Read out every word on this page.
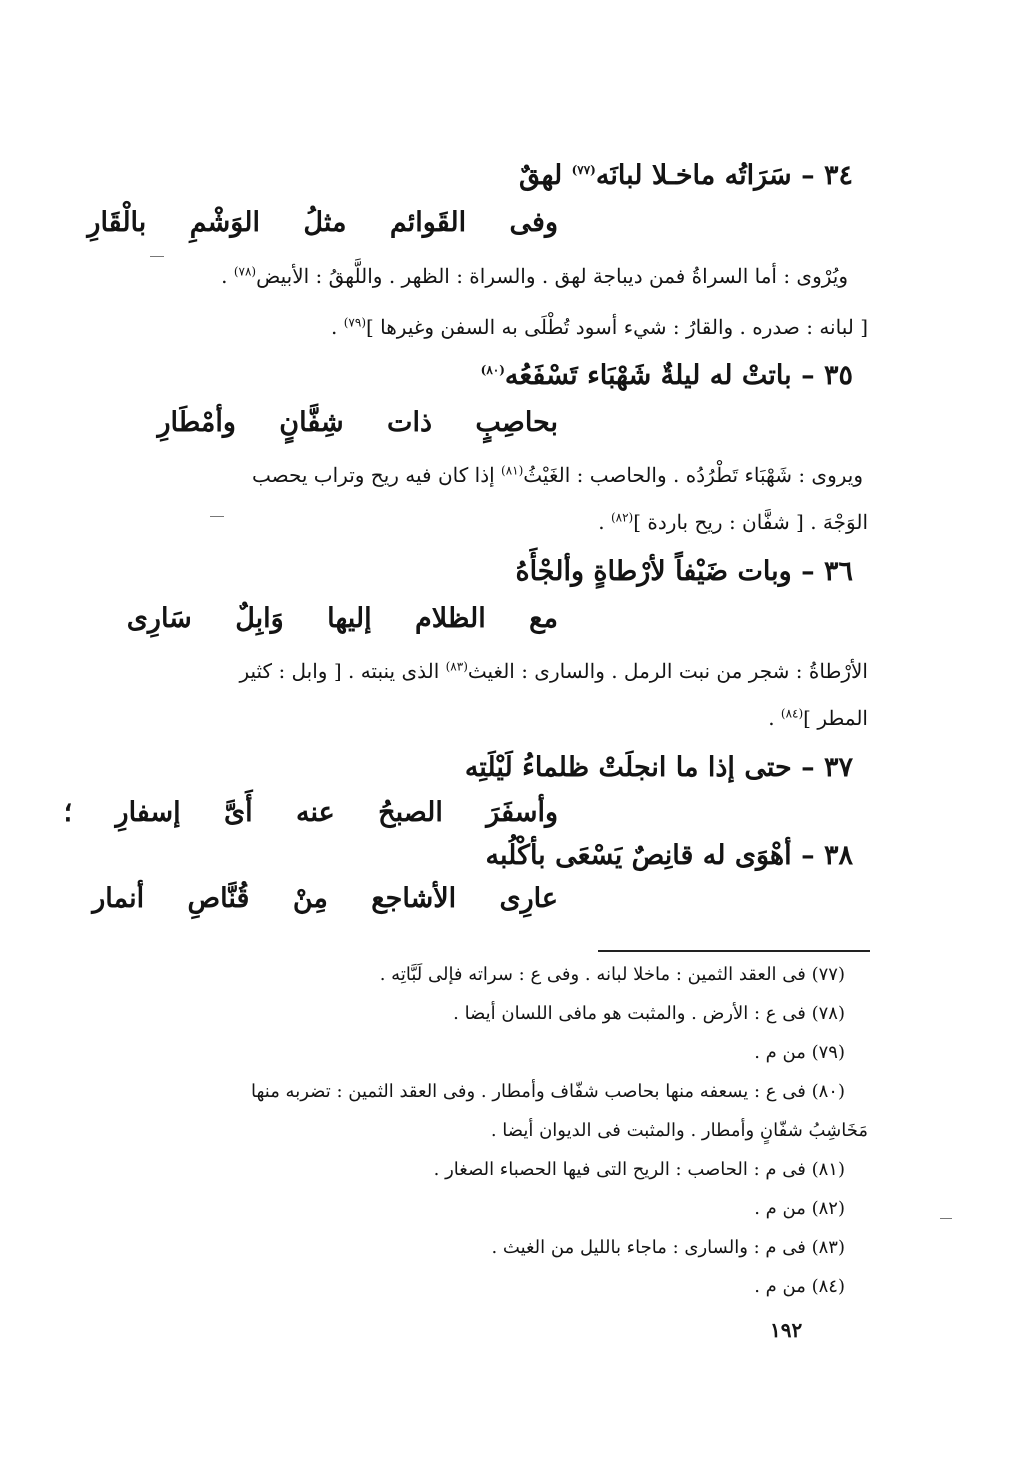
٣٤ – سَرَاتُه ماخـلا لبانَه$^{(٧٧)}$ لهقٌ
وفى القَوائم مثلُ الوَشْمِ بالْقَارِ
ويُرْوى : أما السراةُ فمن ديباجة لهق . والسراة : الظهر . واللَّهقُ : الأبيض$^{(٧٨)}$ .
[ لبانه : صدره . والقارُ : شيء أسود تُطْلَى به السفن وغيرها ]$^{(٧٩)}$ .
٣٥ – باتتْ له ليلةٌ شَهْبَاء تَسْفَعُه$^{(٨٠)}$
بحاصِبٍ ذات شِفَّانٍ وأمْطَارِ
ويروى : شَهْبَاء تَطْرُدُه . والحاصب : الغَيْثُ$^{(٨١)}$ إذا كان فيه ريح وتراب يحصب
الوَجْهَ . [ شفَّان : ريح باردة ]$^{(٨٢)}$ .
٣٦ – وبات ضَيْفاً لأرْطاةٍ وألجْأَهُ
مع الظلام إليها وَابِلٌ سَارِى
الأرْطاةُ : شجر من نبت الرمل . والسارى : الغيث$^{(٨٣)}$ الذى ينبته . [ وابل : كثير
المطر ]$^{(٨٤)}$ .
٣٧ – حتى إذا ما انجلَتْ ظلماءُ لَيْلَتِه
وأسفَرَ الصبحُ عنه أَىَّ إسفارِ ؛
٣٨ – أهْوَى له قانِصٌ يَسْعَى بأكْلُبه
عارِى الأشاجع مِنْ قُنَّاصِ أنمار
(٧٧) فى العقد الثمين : ماخلا لبانه . وفى ع : سراته فإلى لَبَّاتِه .
(٧٨) فى ع : الأرض . والمثبت هو مافى اللسان أيضا .
(٧٩) من م .
(٨٠) فى ع : يسعفه منها بحاصب شفّاف وأمطار . وفى العقد الثمين : تضربه منها
مَخَاشِبُ شفّانٍ وأمطار . والمثبت فى الديوان أيضا .
(٨١) فى م : الحاصب : الريح التى فيها الحصباء الصغار .
(٨٢) من م .
(٨٣) فى م : والسارى : ماجاء بالليل من الغيث .
(٨٤) من م .
١٩٢
